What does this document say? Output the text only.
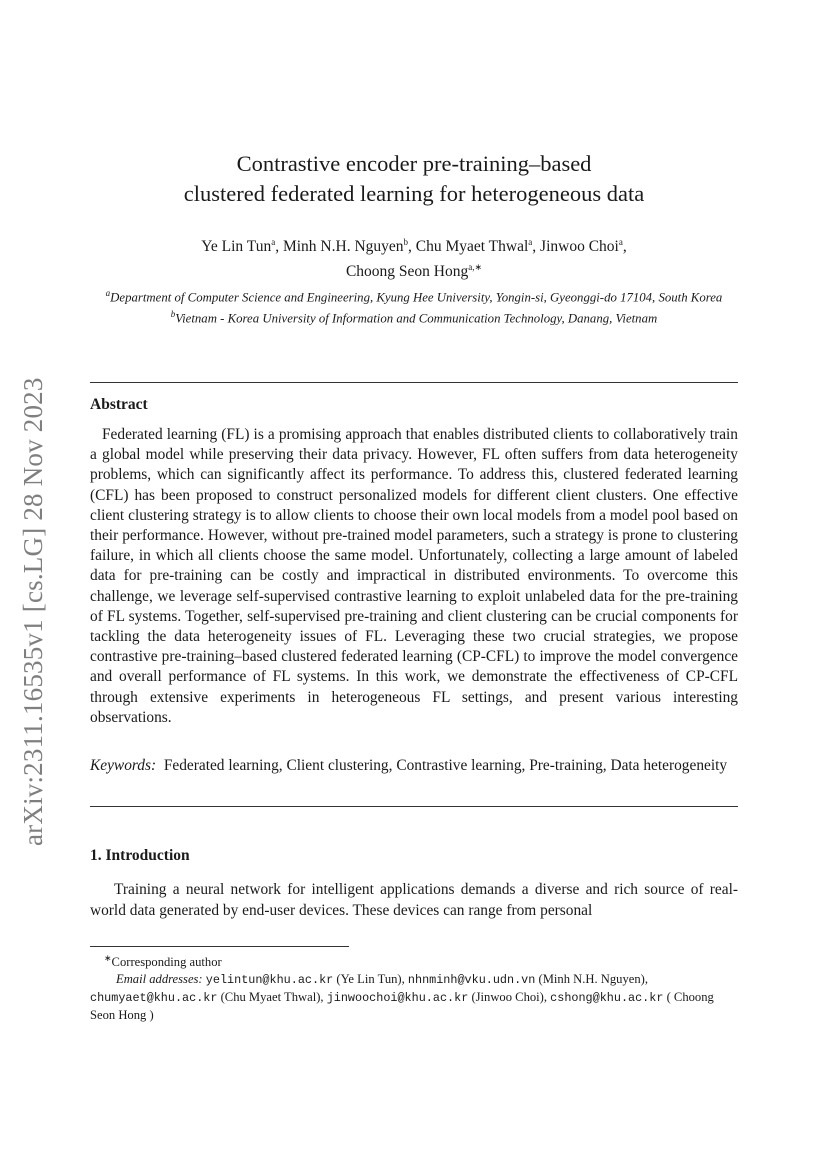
arXiv:2311.16535v1 [cs.LG] 28 Nov 2023
Contrastive encoder pre-training–based
clustered federated learning for heterogeneous data
Ye Lin Tun$^a$, Minh N.H. Nguyen$^b$, Chu Myaet Thwal$^a$, Jinwoo Choi$^a$,
Choong Seon Hong$^{a,∗}$
$^a$Department of Computer Science and Engineering, Kyung Hee University, Yongin-si, Gyeonggi-do 17104, South Korea
$^b$Vietnam - Korea University of Information and Communication Technology, Danang, Vietnam
Abstract

Federated learning (FL) is a promising approach that enables distributed clients to collaboratively train a global model while preserving their data privacy. However, FL often suffers from data heterogeneity problems, which can significantly affect its performance. To address this, clustered federated learning (CFL) has been proposed to construct personalized models for different client clusters. One effective client clustering strategy is to allow clients to choose their own local models from a model pool based on their performance. However, without pre-trained model parameters, such a strategy is prone to clustering failure, in which all clients choose the same model. Unfortunately, collecting a large amount of labeled data for pre-training can be costly and impractical in distributed environments. To overcome this challenge, we leverage self-supervised contrastive learning to exploit unlabeled data for the pre-training of FL systems. Together, self-supervised pre-training and client clustering can be crucial components for tackling the data heterogeneity issues of FL. Leveraging these two crucial strategies, we propose contrastive pre-training–based clustered federated learning (CP-CFL) to improve the model convergence and overall performance of FL systems. In this work, we demonstrate the effectiveness of CP-CFL through extensive experiments in heterogeneous FL settings, and present various interesting observations.

Keywords: Federated learning, Client clustering, Contrastive learning, Pre-training, Data heterogeneity

1. Introduction

Training a neural network for intelligent applications demands a diverse and rich source of real-world data generated by end-user devices. These devices can range from personal

∗Corresponding author

Email addresses: yelintun@khu.ac.kr (Ye Lin Tun), nhnminh@vku.udn.vn (Minh N.H. Nguyen), chumyaet@khu.ac.kr (Chu Myaet Thwal), jinwoochoi@khu.ac.kr (Jinwoo Choi), cshong@khu.ac.kr ( Choong Seon Hong )
